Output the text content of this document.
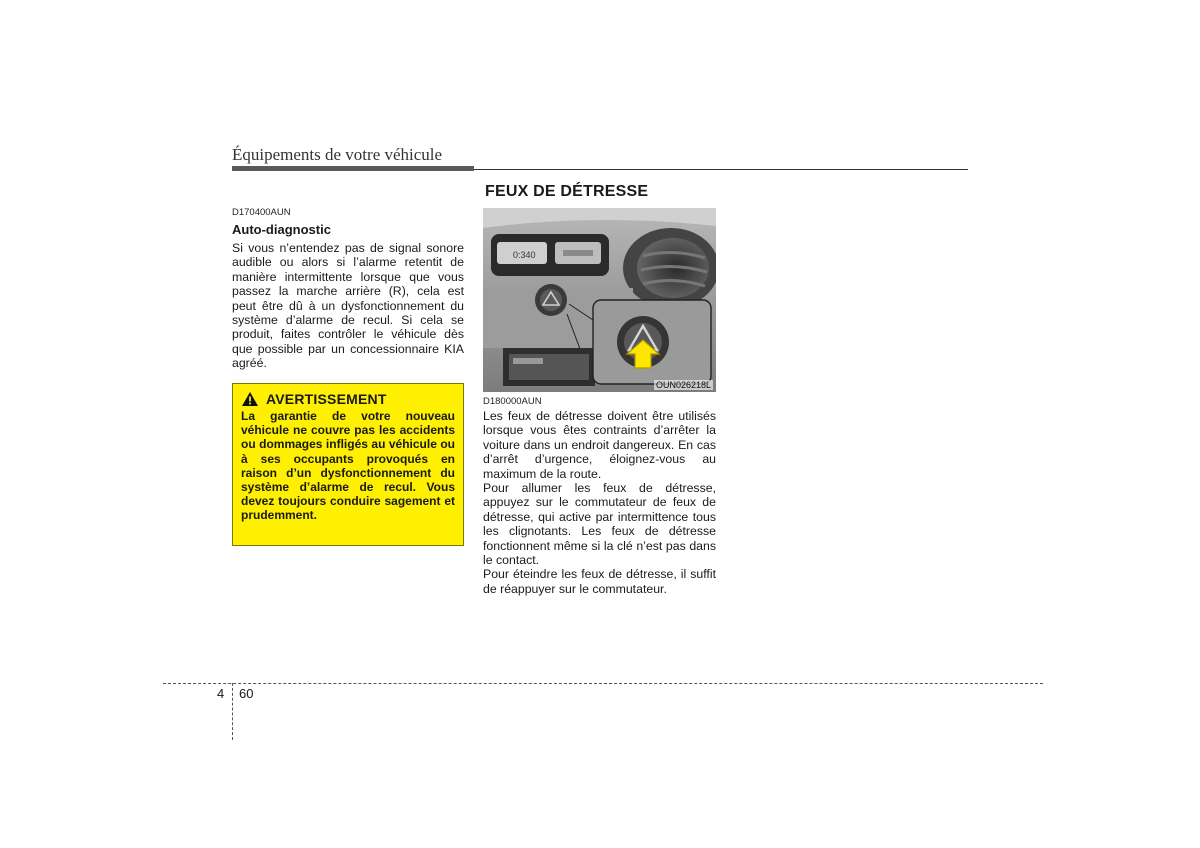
Équipements de votre véhicule
D170400AUN
Auto-diagnostic
Si vous n’entendez pas de signal sonore audible ou alors si l’alarme retentit de manière intermittente lorsque que vous passez la marche arrière (R), cela est peut être dû à un dysfonctionnement du système d’alarme de recul. Si cela se produit, faites contrôler le véhicule dès que possible par un concessionnaire KIA agréé.
AVERTISSEMENT
La garantie de votre nouveau véhicule ne couvre pas les accidents ou dommages infligés au véhicule ou à ses occupants provoqués en raison d’un dysfonctionnement du système d’alarme de recul. Vous devez toujours conduire sagement et prudemment.
FEUX DE DÉTRESSE
0:340
OUN026218L
D180000AUN

Les feux de détresse doivent être utilisés lorsque vous êtes contraints d’arrêter la voiture dans un endroit dangereux. En cas d’arrêt d’urgence, éloignez-vous au maximum de la route.

Pour allumer les feux de détresse, appuyez sur le commutateur de feux de détresse, qui active par intermittence tous les clignotants. Les feux de détresse fonctionnent même si la clé n’est pas dans le contact.

Pour éteindre les feux de détresse, il suffit de réappuyer sur le commutateur.

4 60
